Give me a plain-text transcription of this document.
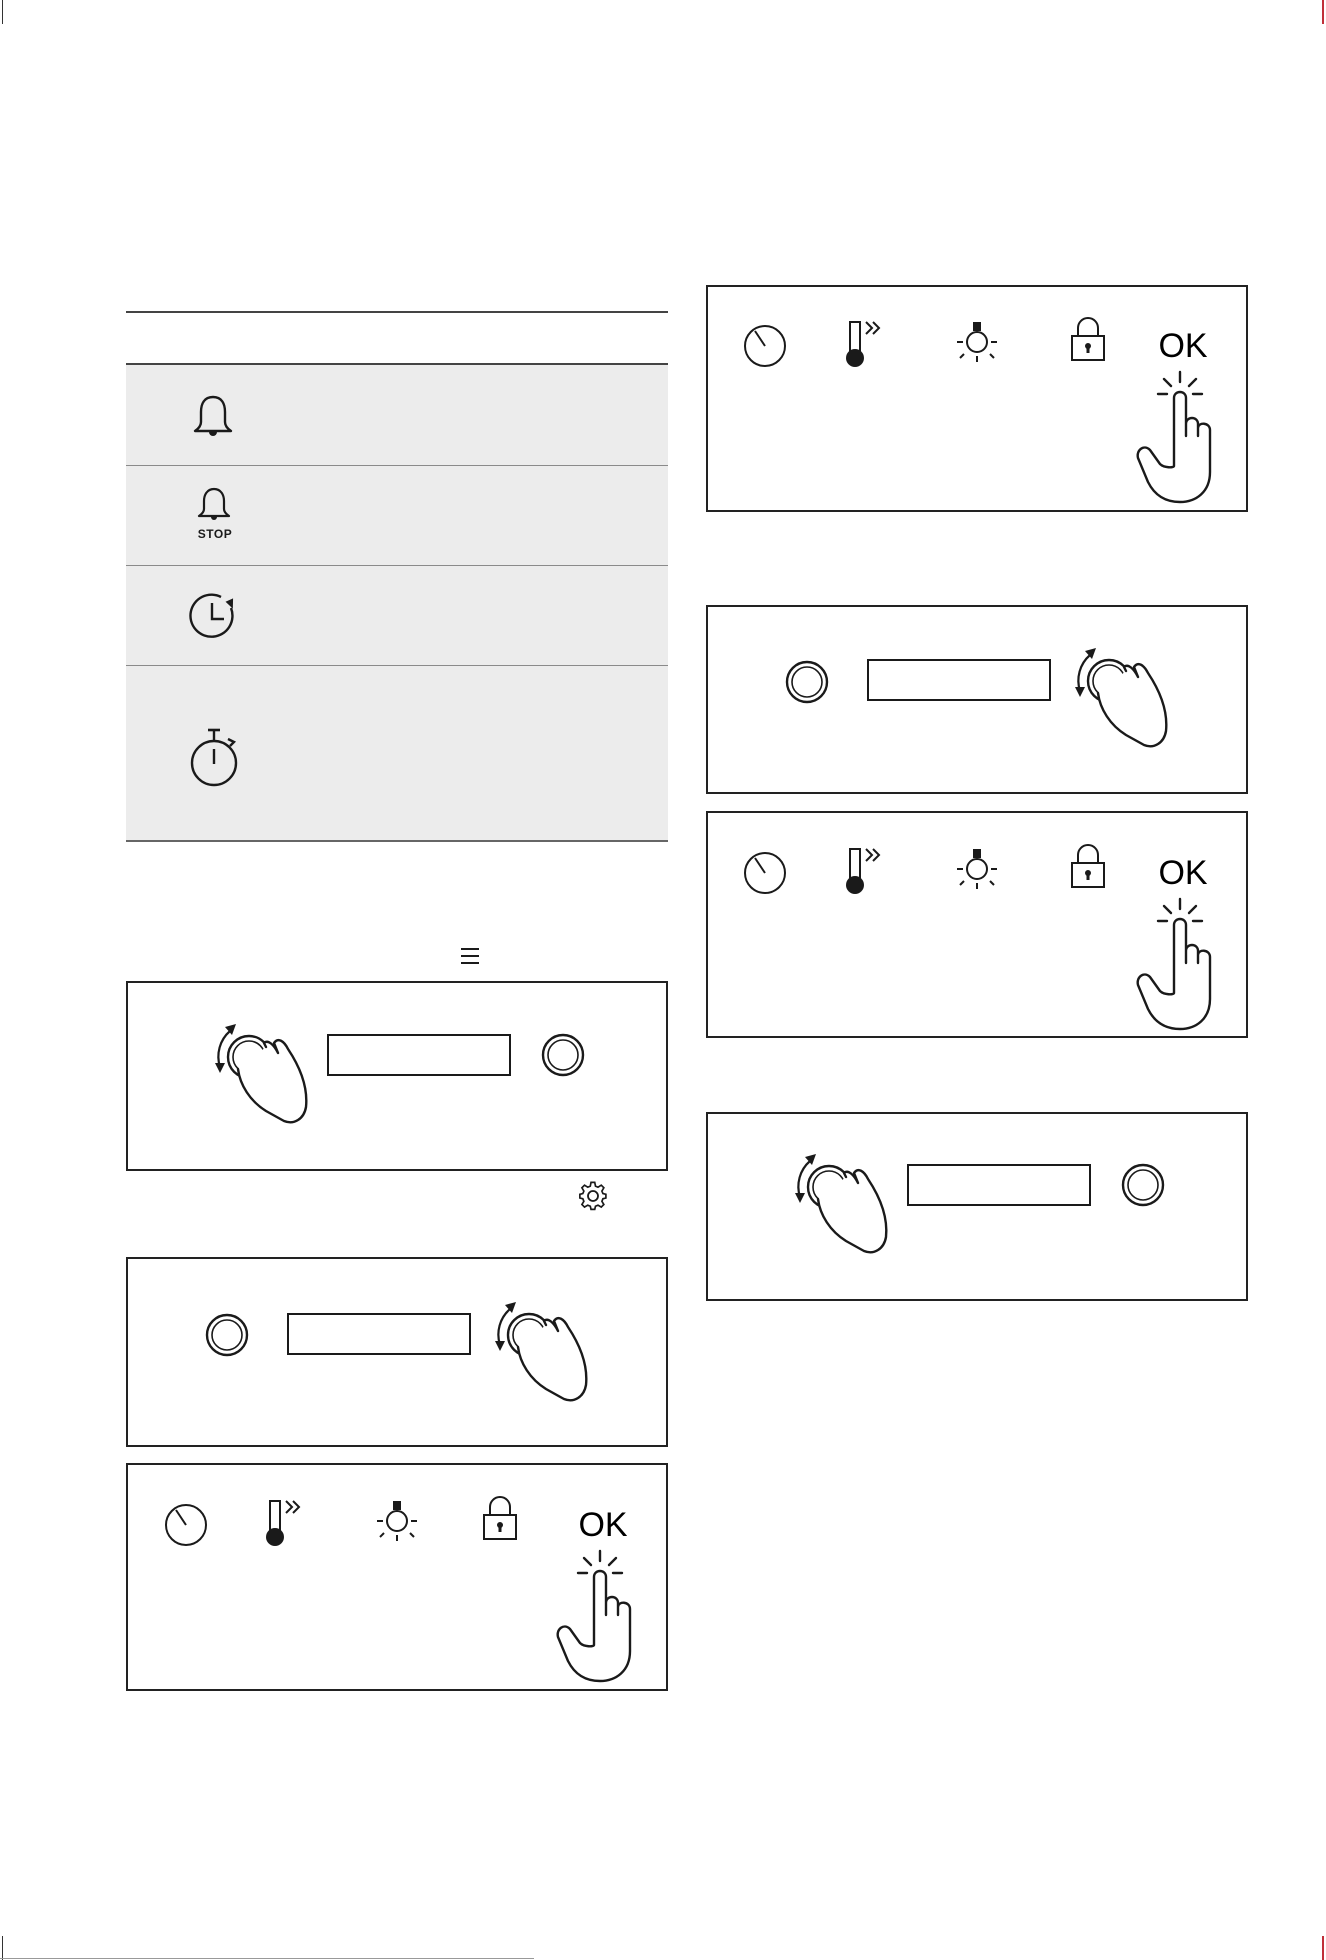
STOP
OK
OK
OK
